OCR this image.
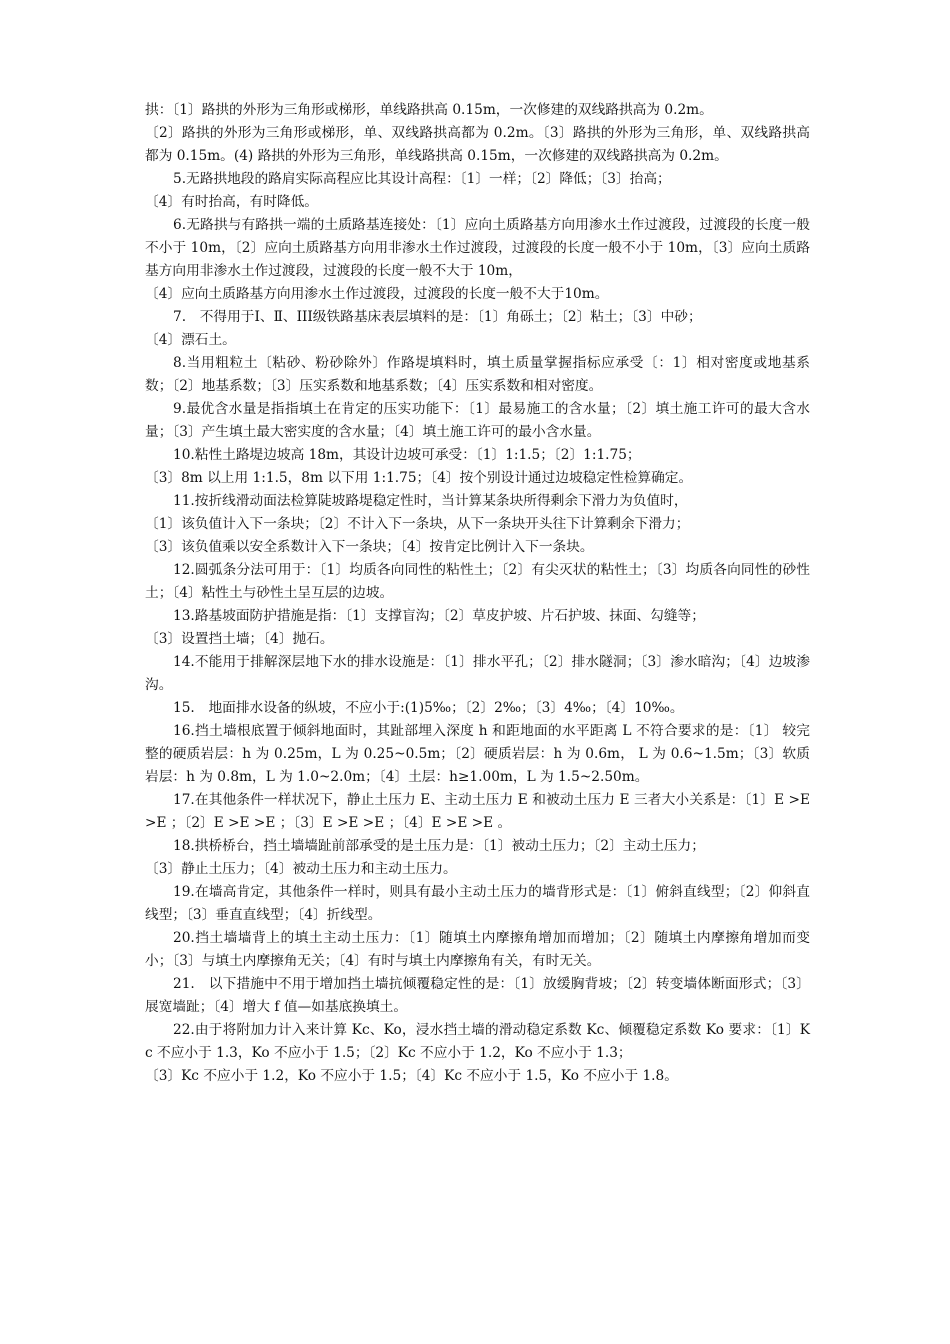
拱：〔1〕路拱的外形为三角形或梯形，单线路拱高 0.15m，一次修建的双线路拱高为 0.2m。

〔2〕路拱的外形为三角形或梯形，单、双线路拱高都为 0.2m。〔3〕路拱的外形为三角形，单、双线路拱高都为 0.15m。(4) 路拱的外形为三角形，单线路拱高 0.15m，一次修建的双线路拱高为 0.2m。

5.无路拱地段的路肩实际高程应比其设计高程：〔1〕一样；〔2〕降低；〔3〕抬高；

〔4〕有时抬高，有时降低。

6.无路拱与有路拱一端的土质路基连接处：〔1〕应向土质路基方向用渗水土作过渡段，过渡段的长度一般不小于 10m，〔2〕应向土质路基方向用非渗水土作过渡段，过渡段的长度一般不小于 10m，〔3〕应向土质路基方向用非渗水土作过渡段，过渡段的长度一般不大于 10m，

〔4〕应向土质路基方向用渗水土作过渡段，过渡段的长度一般不大于10m。

7.　不得用于Ⅰ、Ⅱ、III级铁路基床表层填料的是：〔1〕角砾土；〔2〕粘土；〔3〕中砂；

〔4〕漂石土。

8.当用粗粒土〔粘砂、粉砂除外〕作路堤填料时，填土质量掌握指标应承受〔：1〕相对密度或地基系数；〔2〕地基系数；〔3〕压实系数和地基系数；〔4〕压实系数和相对密度。

9.最优含水量是指指填土在肯定的压实功能下：〔1〕最易施工的含水量；〔2〕填土施工许可的最大含水量；〔3〕产生填土最大密实度的含水量；〔4〕填土施工许可的最小含水量。

10.粘性土路堤边坡高 18m，其设计边坡可承受：〔1〕1:1.5；〔2〕1:1.75；

〔3〕8m 以上用 1:1.5，8m 以下用 1:1.75；〔4〕按个别设计通过边坡稳定性检算确定。

11.按折线滑动面法检算陡坡路堤稳定性时，当计算某条块所得剩余下滑力为负值时，

〔1〕该负值计入下一条块；〔2〕不计入下一条块，从下一条块开头往下计算剩余下滑力；

〔3〕该负值乘以安全系数计入下一条块；〔4〕按肯定比例计入下一条块。

12.圆弧条分法可用于：〔1〕均质各向同性的粘性土；〔2〕有尖灭状的粘性土；〔3〕均质各向同性的砂性土；〔4〕粘性土与砂性土呈互层的边坡。

13.路基坡面防护措施是指：〔1〕支撑盲沟；〔2〕草皮护坡、片石护坡、抹面、勾缝等；

〔3〕设置挡土墙；〔4〕抛石。

14.不能用于排解深层地下水的排水设施是：〔1〕排水平孔；〔2〕排水隧洞；〔3〕渗水暗沟；〔4〕边坡渗沟。

15.　地面排水设备的纵坡，不应小于:(1)5‰；〔2〕2‰；〔3〕4‰；〔4〕10‰。

16.挡土墙根底置于倾斜地面时，其趾部埋入深度 h 和距地面的水平距离 L 不符合要求的是：〔1〕 较完整的硬质岩层：h 为 0.25m，L 为 0.25~0.5m；〔2〕硬质岩层：h 为 0.6m， L 为 0.6~1.5m；〔3〕软质岩层：h 为 0.8m，L 为 1.0~2.0m；〔4〕土层：h≥1.00m，L 为 1.5~2.50m。

17.在其他条件一样状况下，静止土压力 E、主动土压力 E 和被动土压力 E 三者大小关系是：〔1〕E >E >E ；〔2〕E >E >E ；〔3〕E >E >E ；〔4〕E >E >E 。

18.拱桥桥台，挡土墙墙趾前部承受的是土压力是：〔1〕被动土压力；〔2〕主动土压力；

〔3〕静止土压力；〔4〕被动土压力和主动土压力。

19.在墙高肯定，其他条件一样时，则具有最小主动土压力的墙背形式是：〔1〕俯斜直线型；〔2〕仰斜直线型；〔3〕垂直直线型；〔4〕折线型。

20.挡土墙墙背上的填土主动土压力：〔1〕随填土内摩擦角增加而增加；〔2〕随填土内摩擦角增加而变小；〔3〕与填土内摩擦角无关；〔4〕有时与填土内摩擦角有关，有时无关。

21.　以下措施中不用于增加挡土墙抗倾覆稳定性的是：〔1〕放缓胸背坡；〔2〕转变墙体断面形式；〔3〕展宽墙趾；〔4〕增大 f 值—如基底换填土。

22.由于将附加力计入来计算 Kc、Ko，浸水挡土墙的滑动稳定系数 Kc、倾覆稳定系数 Ko 要求：〔1〕Kc 不应小于 1.3，Ko 不应小于 1.5；〔2〕Kc 不应小于 1.2，Ko 不应小于 1.3；

〔3〕Kc 不应小于 1.2，Ko 不应小于 1.5；〔4〕Kc 不应小于 1.5，Ko 不应小于 1.8。
